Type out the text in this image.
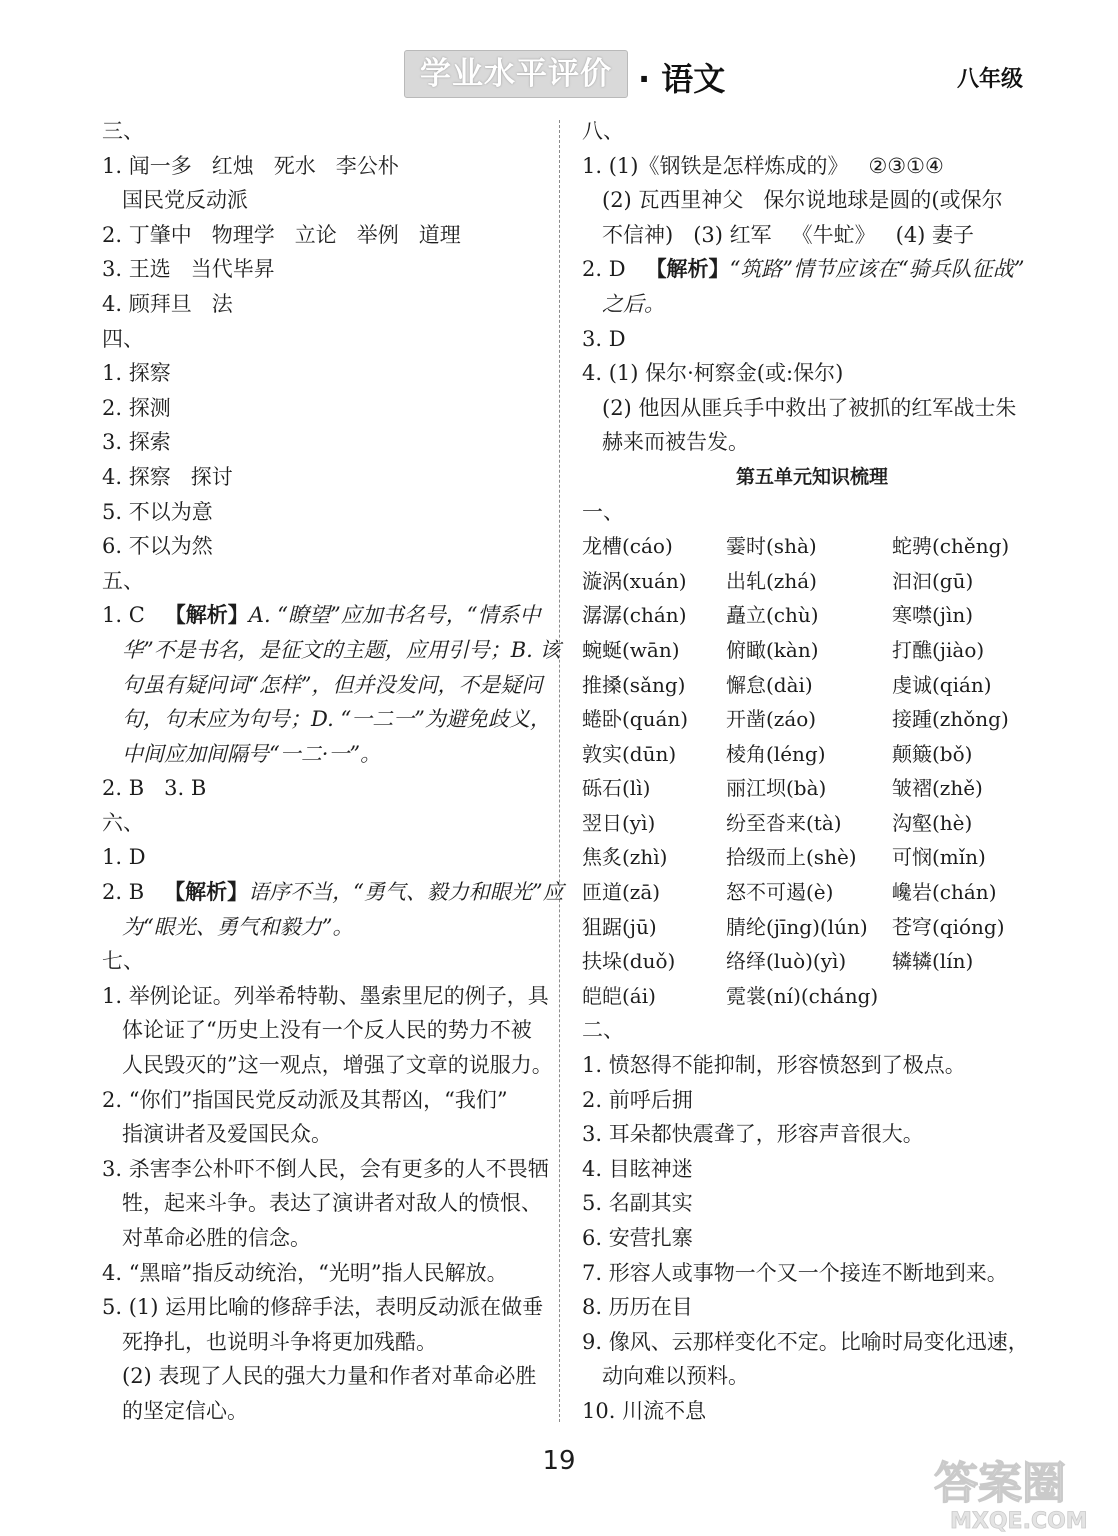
学业水平评价 · 语文	八年级
三、
1. 闻一多 红烛 死水 李公朴
国民党反动派
2. 丁肇中 物理学 立论 举例 道理
3. 王选 当代毕昇
4. 顾拜旦 法
四、
1. 探察
2. 探测
3. 探索
4. 探察 探讨
5. 不以为意
6. 不以为然
五、
1. C 【解析】A. “瞭望”应加书名号，“情系中
华”不是书名，是征文的主题，应用引号；B. 该
句虽有疑问词“怎样”，但并没发问，不是疑问
句，句末应为句号；D. “一二一”为避免歧义，
中间应加间隔号“一二·一”。
2. B 3. B
六、
1. D
2. B 【解析】语序不当，“勇气、毅力和眼光”应
为“眼光、勇气和毅力”。
七、
1. 举例论证。列举希特勒、墨索里尼的例子，具
体论证了“历史上没有一个反人民的势力不被
人民毁灭的”这一观点，增强了文章的说服力。
2. “你们”指国民党反动派及其帮凶，“我们”
指演讲者及爱国民众。
3. 杀害李公朴吓不倒人民，会有更多的人不畏牺
牲，起来斗争。表达了演讲者对敌人的愤恨、
对革命必胜的信念。
4. “黑暗”指反动统治，“光明”指人民解放。
5. (1) 运用比喻的修辞手法，表明反动派在做垂
死挣扎，也说明斗争将更加残酷。
(2) 表现了人民的强大力量和作者对革命必胜
的坚定信心。
八、
1. (1)《钢铁是怎样炼成的》 ②③①④
(2) 瓦西里神父 保尔说地球是圆的(或保尔
不信神) (3) 红军 《牛虻》 (4) 妻子
2. D 【解析】“筑路”情节应该在“骑兵队征战”
之后。
3. D
4. (1) 保尔·柯察金(或:保尔)
(2) 他因从匪兵手中救出了被抓的红军战士朱
赫来而被告发。
第五单元知识梳理
一、
龙槽(cáo)	霎时(shà)	蛇骋(chěng)
漩涡(xuán)	出轧(zhá)	汩汩(gū)
潺潺(chán)	矗立(chù)	寒噤(jìn)
蜿蜒(wān)	俯瞰(kàn)	打醮(jiào)
推搡(sǎng)	懈怠(dài)	虔诚(qián)
蜷卧(quán)	开凿(záo)	接踵(zhǒng)
敦实(dūn)	棱角(léng)	颠簸(bǒ)
砾石(lì)	丽江坝(bà)	皱褶(zhě)
翌日(yì)	纷至沓来(tà)	沟壑(hè)
焦炙(zhì)	拾级而上(shè)	可悯(mǐn)
匝道(zā)	怒不可遏(è)	巉岩(chán)
狙踞(jū)	腈纶(jīng)(lún)	苍穹(qióng)
扶垛(duǒ)	络绎(luò)(yì)	辚辚(lín)
皑皑(ái)	霓裳(ní)(cháng)
二、
1. 愤怒得不能抑制，形容愤怒到了极点。
2. 前呼后拥
3. 耳朵都快震聋了，形容声音很大。
4. 目眩神迷
5. 名副其实
6. 安营扎寨
7. 形容人或事物一个又一个接连不断地到来。
8. 历历在目
9. 像风、云那样变化不定。比喻时局变化迅速，
动向难以预料。
10. 川流不息
19	答案圈
MXQE.COM
